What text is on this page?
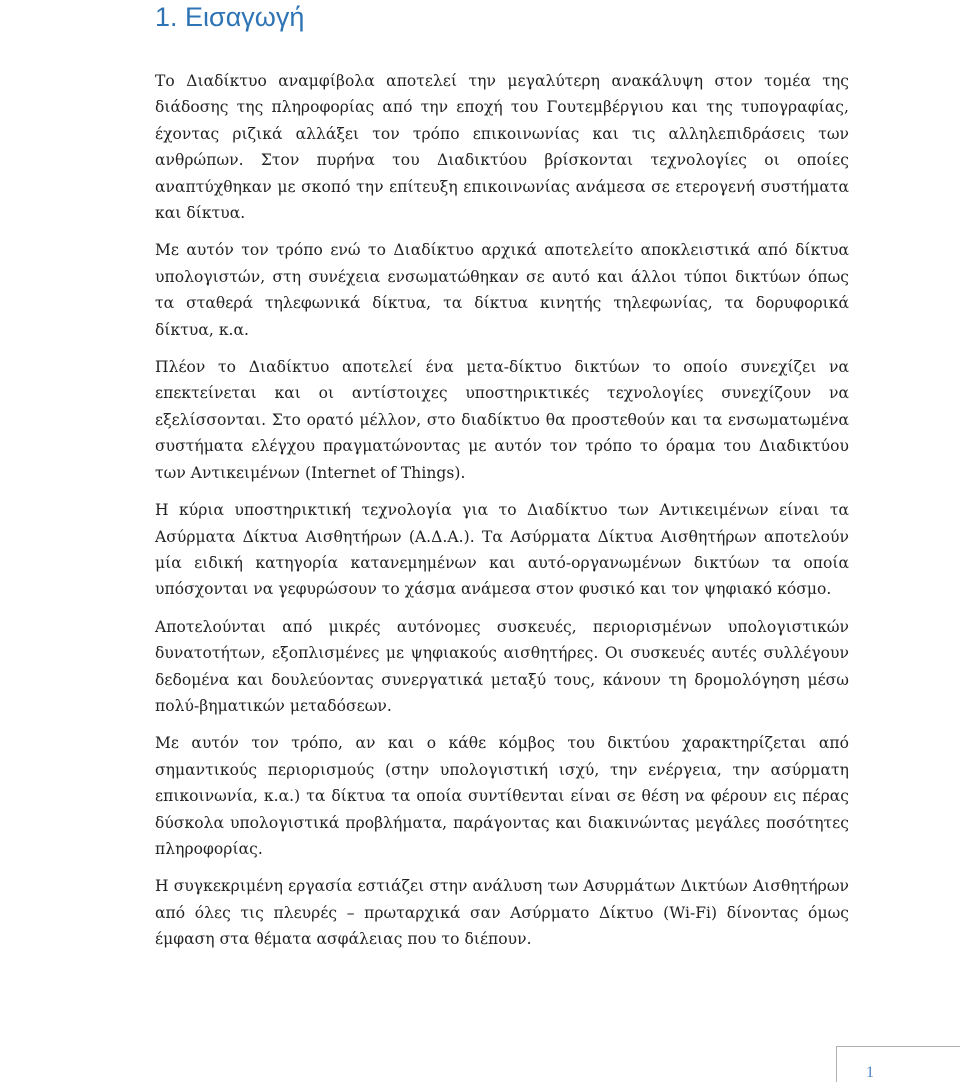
1. Εισαγωγή

Το Διαδίκτυο αναμφίβολα αποτελεί την μεγαλύτερη ανακάλυψη στον τομέα της διάδοσης της πληροφορίας από την εποχή του Γουτεμβέργιου και της τυπογραφίας, έχοντας ριζικά αλλάξει τον τρόπο επικοινωνίας και τις αλληλεπιδράσεις των ανθρώπων. Στον πυρήνα του Διαδικτύου βρίσκονται τεχνολογίες οι οποίες αναπτύχθηκαν με σκοπό την επίτευξη επικοινωνίας ανάμεσα σε ετερογενή συστήματα και δίκτυα.

Με αυτόν τον τρόπο ενώ το Διαδίκτυο αρχικά αποτελείτο αποκλειστικά από δίκτυα υπολογιστών, στη συνέχεια ενσωματώθηκαν σε αυτό και άλλοι τύποι δικτύων όπως τα σταθερά τηλεφωνικά δίκτυα, τα δίκτυα κινητής τηλεφωνίας, τα δορυφορικά δίκτυα, κ.α.

Πλέον το Διαδίκτυο αποτελεί ένα μετα-δίκτυο δικτύων το οποίο συνεχίζει να επεκτείνεται και οι αντίστοιχες υποστηρικτικές τεχνολογίες συνεχίζουν να εξελίσσονται. Στο ορατό μέλλον, στο διαδίκτυο θα προστεθούν και τα ενσωματωμένα συστήματα ελέγχου πραγματώνοντας με αυτόν τον τρόπο το όραμα του Διαδικτύου των Αντικειμένων (Internet of Things).

Η κύρια υποστηρικτική τεχνολογία για το Διαδίκτυο των Αντικειμένων είναι τα Ασύρματα Δίκτυα Αισθητήρων (Α.Δ.Α.). Τα Ασύρματα Δίκτυα Αισθητήρων αποτελούν μία ειδική κατηγορία κατανεμημένων και αυτό-οργανωμένων δικτύων τα οποία υπόσχονται να γεφυρώσουν το χάσμα ανάμεσα στον φυσικό και τον ψηφιακό κόσμο.

Αποτελούνται από μικρές αυτόνομες συσκευές, περιορισμένων υπολογιστικών δυνατοτήτων, εξοπλισμένες με ψηφιακούς αισθητήρες. Οι συσκευές αυτές συλλέγουν δεδομένα και δουλεύοντας συνεργατικά μεταξύ τους, κάνουν τη δρομολόγηση μέσω πολύ-βηματικών μεταδόσεων.

Με αυτόν τον τρόπο, αν και ο κάθε κόμβος του δικτύου χαρακτηρίζεται από σημαντικούς περιορισμούς (στην υπολογιστική ισχύ, την ενέργεια, την ασύρματη επικοινωνία, κ.α.) τα δίκτυα τα οποία συντίθενται είναι σε θέση να φέρουν εις πέρας δύσκολα υπολογιστικά προβλήματα, παράγοντας και διακινώντας μεγάλες ποσότητες πληροφορίας.

Η συγκεκριμένη εργασία εστιάζει στην ανάλυση των Ασυρμάτων Δικτύων Αισθητήρων από όλες τις πλευρές – πρωταρχικά σαν Ασύρματο Δίκτυο (Wi-Fi) δίνοντας όμως έμφαση στα θέματα ασφάλειας που το διέπουν.

1
